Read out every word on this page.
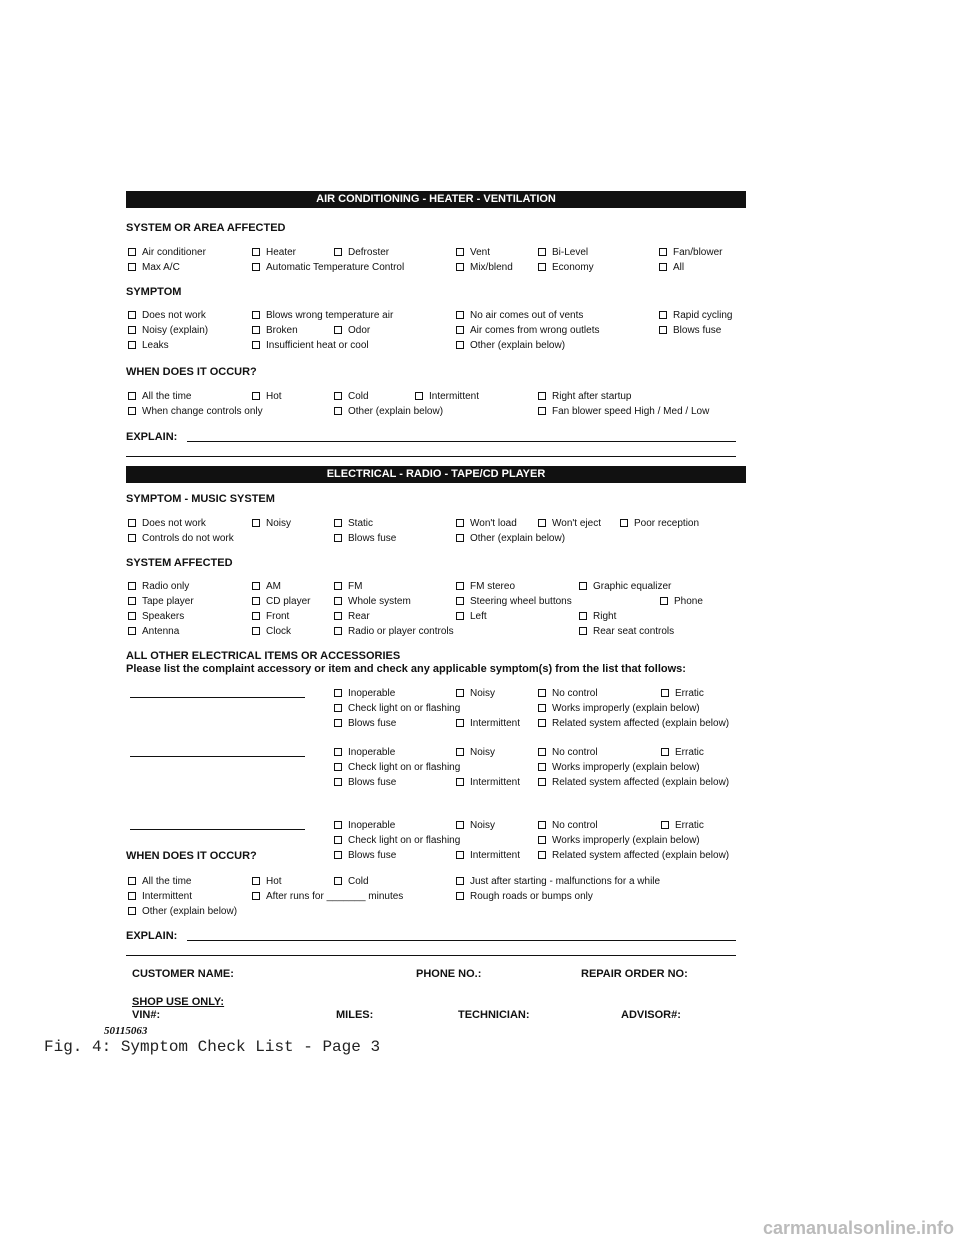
AIR CONDITIONING - HEATER - VENTILATION
SYSTEM OR AREA AFFECTED
Air conditioner	Heater	Defroster	Vent	Bi-Level	Fan/blower
Max A/C	Automatic Temperature Control	Mix/blend	Economy	All
SYMPTOM
Does not work	Blows wrong temperature air	No air comes out of vents	Rapid cycling
Noisy (explain)	Broken	Odor	Air comes from wrong outlets	Blows fuse
Leaks	Insufficient heat or cool	Other (explain below)
WHEN DOES IT OCCUR?
All the time	Hot	Cold	Intermittent	Right after startup
When change controls only	Other (explain below)	Fan blower speed High / Med / Low
EXPLAIN:
ELECTRICAL - RADIO - TAPE/CD PLAYER
SYMPTOM - MUSIC SYSTEM
Does not work	Noisy	Static	Won't load	Won't eject	Poor reception
Controls do not work	Blows fuse	Other (explain below)
SYSTEM AFFECTED
Radio only	AM	FM	FM stereo	Graphic equalizer
Tape player	CD player	Whole system	Steering wheel buttons	Phone
Speakers	Front	Rear	Left	Right
Antenna	Clock	Radio or player controls	Rear seat controls
ALL OTHER ELECTRICAL ITEMS OR ACCESSORIES
Please list the complaint accessory or item and check any applicable symptom(s) from the list that follows:
Inoperable	Noisy	No control	Erratic
Check light on or flashing	Works improperly (explain below)
Blows fuse	Intermittent	Related system affected (explain below)
Inoperable	Noisy	No control	Erratic
Check light on or flashing	Works improperly (explain below)
Blows fuse	Intermittent	Related system affected (explain below)
Inoperable	Noisy	No control	Erratic
Check light on or flashing	Works improperly (explain below)
WHEN DOES IT OCCUR?	Blows fuse	Intermittent	Related system affected (explain below)
All the time	Hot	Cold	Just after starting - malfunctions for a while
Intermittent	After runs for _______ minutes	Rough roads or bumps only
Other (explain below)
EXPLAIN:
CUSTOMER NAME:	PHONE NO.:	REPAIR ORDER NO:
SHOP USE ONLY:
VIN#:	MILES:	TECHNICIAN:	ADVISOR#:
50115063
Fig. 4: Symptom Check List - Page 3
carmanualsonline.info
